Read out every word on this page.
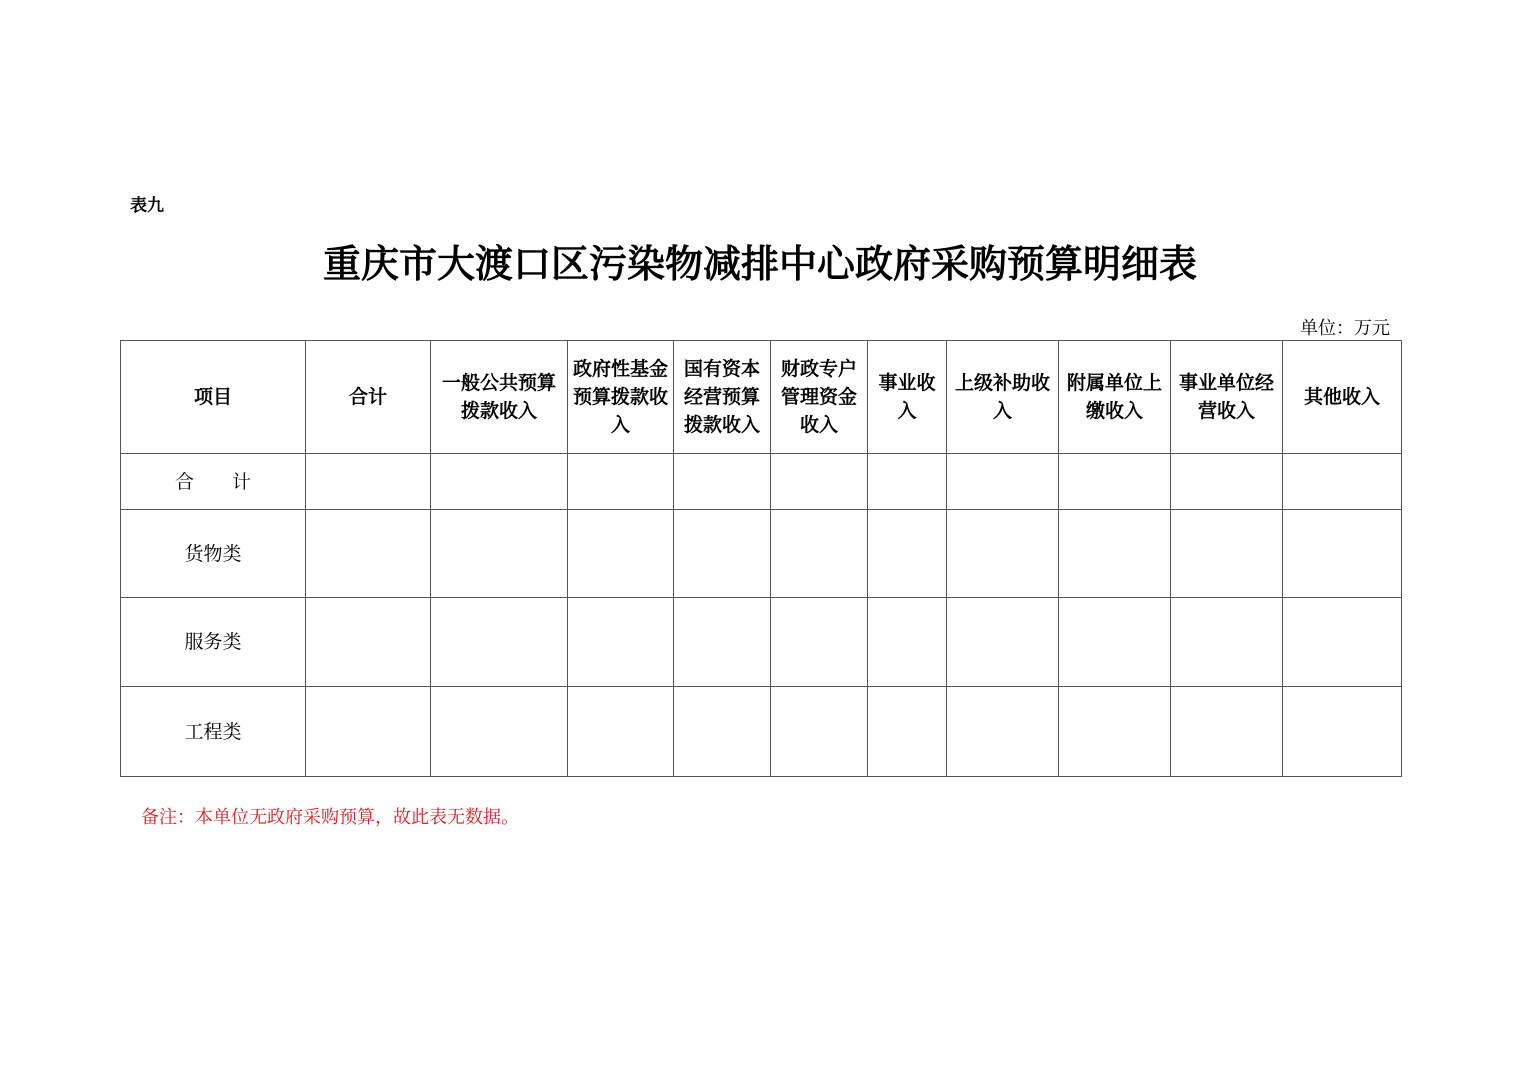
表九
重庆市大渡口区污染物减排中心政府采购预算明细表
单位：万元
项目	合计	一般公共预算拨款收入	政府性基金预算拨款收入	国有资本经营预算拨款收入	财政专户管理资金收入	事业收入	上级补助收入	附属单位上缴收入	事业单位经营收入	其他收入
合　　计										
货物类										
服务类										
工程类										
备注：本单位无政府采购预算，故此表无数据。
